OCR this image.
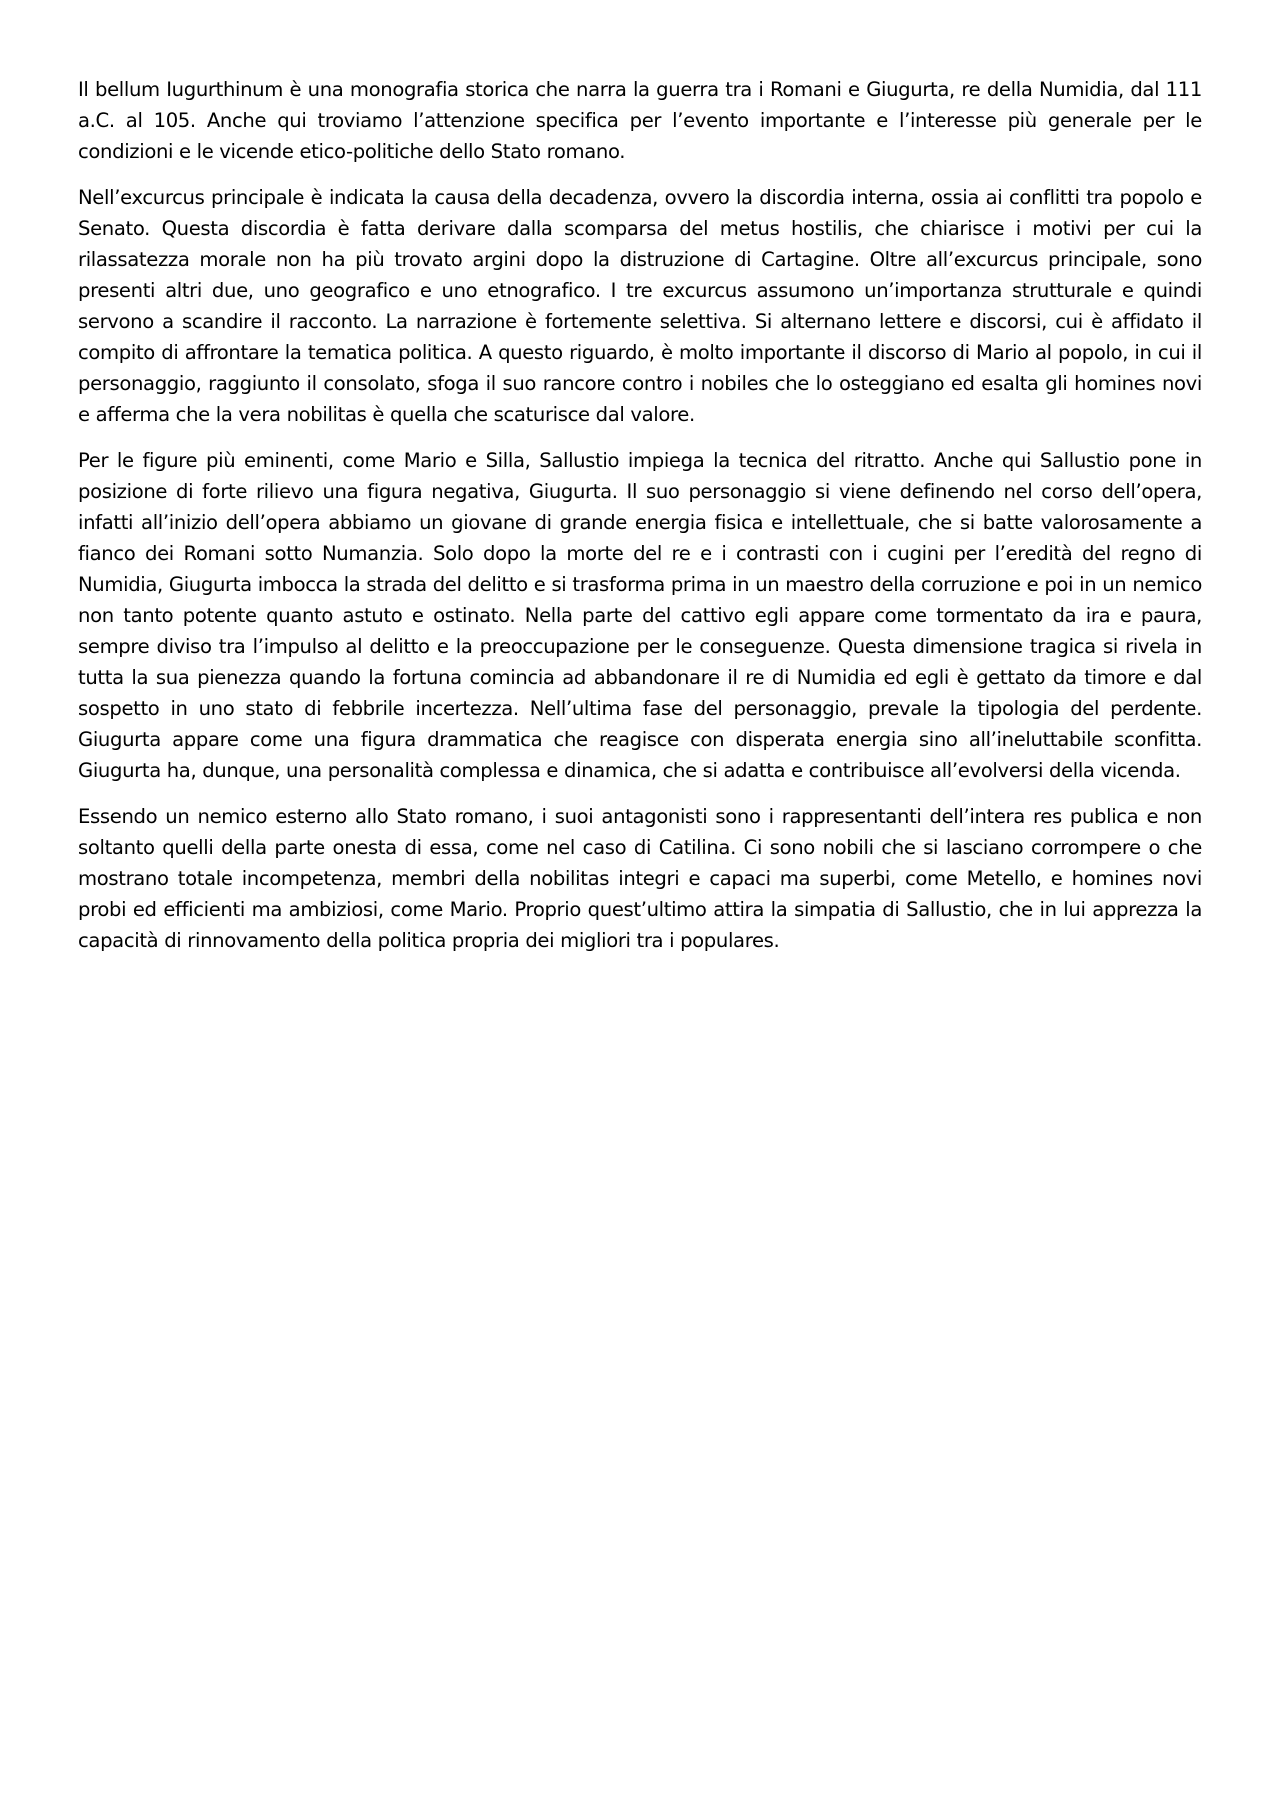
Il bellum Iugurthinum è una monografia storica che narra la guerra tra i Romani e Giugurta, re della Numidia, dal 111 a.C. al 105. Anche qui troviamo l’attenzione specifica per l’evento importante e l’interesse più generale per le condizioni e le vicende etico-politiche dello Stato romano.

Nell’excurcus principale è indicata la causa della decadenza, ovvero la discordia interna, ossia ai conflitti tra popolo e Senato. Questa discordia è fatta derivare dalla scomparsa del metus hostilis, che chiarisce i motivi per cui la rilassatezza morale non ha più trovato argini dopo la distruzione di Cartagine. Oltre all’excurcus principale, sono presenti altri due, uno geografico e uno etnografico. I tre excurcus assumono un’importanza strutturale e quindi servono a scandire il racconto. La narrazione è fortemente selettiva. Si alternano lettere e discorsi, cui è affidato il compito di affrontare la tematica politica. A questo riguardo, è molto importante il discorso di Mario al popolo, in cui il personaggio, raggiunto il consolato, sfoga il suo rancore contro i nobiles che lo osteggiano ed esalta gli homines novi e afferma che la vera nobilitas è quella che scaturisce dal valore.

Per le figure più eminenti, come Mario e Silla, Sallustio impiega la tecnica del ritratto. Anche qui Sallustio pone in posizione di forte rilievo una figura negativa, Giugurta. Il suo personaggio si viene definendo nel corso dell’opera, infatti all’inizio dell’opera abbiamo un giovane di grande energia fisica e intellettuale, che si batte valorosamente a fianco dei Romani sotto Numanzia. Solo dopo la morte del re e i contrasti con i cugini per l’eredità del regno di Numidia, Giugurta imbocca la strada del delitto e si trasforma prima in un maestro della corruzione e poi in un nemico non tanto potente quanto astuto e ostinato. Nella parte del cattivo egli appare come tormentato da ira e paura, sempre diviso tra l’impulso al delitto e la preoccupazione per le conseguenze. Questa dimensione tragica si rivela in tutta la sua pienezza quando la fortuna comincia ad abbandonare il re di Numidia ed egli è gettato da timore e dal sospetto in uno stato di febbrile incertezza. Nell’ultima fase del personaggio, prevale la tipologia del perdente. Giugurta appare come una figura drammatica che reagisce con disperata energia sino all’ineluttabile sconfitta. Giugurta ha, dunque, una personalità complessa e dinamica, che si adatta e contribuisce all’evolversi della vicenda.

Essendo un nemico esterno allo Stato romano, i suoi antagonisti sono i rappresentanti dell’intera res publica e non soltanto quelli della parte onesta di essa, come nel caso di Catilina. Ci sono nobili che si lasciano corrompere o che mostrano totale incompetenza, membri della nobilitas integri e capaci ma superbi, come Metello, e homines novi probi ed efficienti ma ambiziosi, come Mario. Proprio quest’ultimo attira la simpatia di Sallustio, che in lui apprezza la capacità di rinnovamento della politica propria dei migliori tra i populares.
